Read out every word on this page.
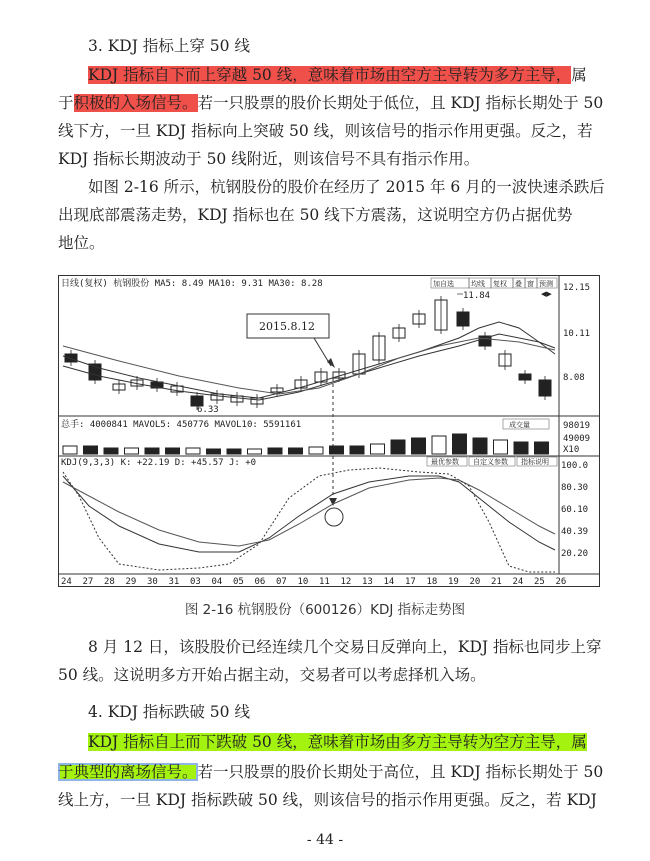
3. KDJ 指标上穿 50 线
KDJ 指标自下而上穿越 50 线，意味着市场由空方主导转为多方主导，属
于积极的入场信号。若一只股票的股价长期处于低位，且 KDJ 指标长期处于 50
线下方，一旦 KDJ 指标向上突破 50 线，则该信号的指示作用更强。反之，若
KDJ 指标长期波动于 50 线附近，则该信号不具有指示作用。
如图 2-16 所示，杭钢股份的股价在经历了 2015 年 6 月的一波快速杀跌后
出现底部震荡走势，KDJ 指标也在 50 线下方震荡，这说明空方仍占据优势
地位。
日线(复权) 杭钢股份 MA5: 8.49 MA10: 9.31 MA30: 8.28	加自选 均线 复权 叠 窗 预测
◀▶
12.15
10.11
8.08
11.84
6.33
2015.8.12
总手: 4000841 MAVOL5: 450776 MAVOL10: 5591161	成交量	98019
49009
X10
KDJ(9,3,3) K: +22.19 D: +45.57 J: +0	最优参数 自定义参数 指标说明 100.0
80.30
60.10
40.39
20.20
24 27 28 29 30 31 03 04 05 06 07 10 11 12 13 14 17 18 19 20 21 24 25 26
图 2-16 杭钢股份（600126）KDJ 指标走势图
8 月 12 日，该股股价已经连续几个交易日反弹向上，KDJ 指标也同步上穿
50 线。这说明多方开始占据主动，交易者可以考虑择机入场。
4. KDJ 指标跌破 50 线
KDJ 指标自上而下跌破 50 线，意味着市场由多方主导转为空方主导，属
于典型的离场信号。若一只股票的股价长期处于高位，且 KDJ 指标长期处于 50
线上方，一旦 KDJ 指标跌破 50 线，则该信号的指示作用更强。反之，若 KDJ
- 44 -
